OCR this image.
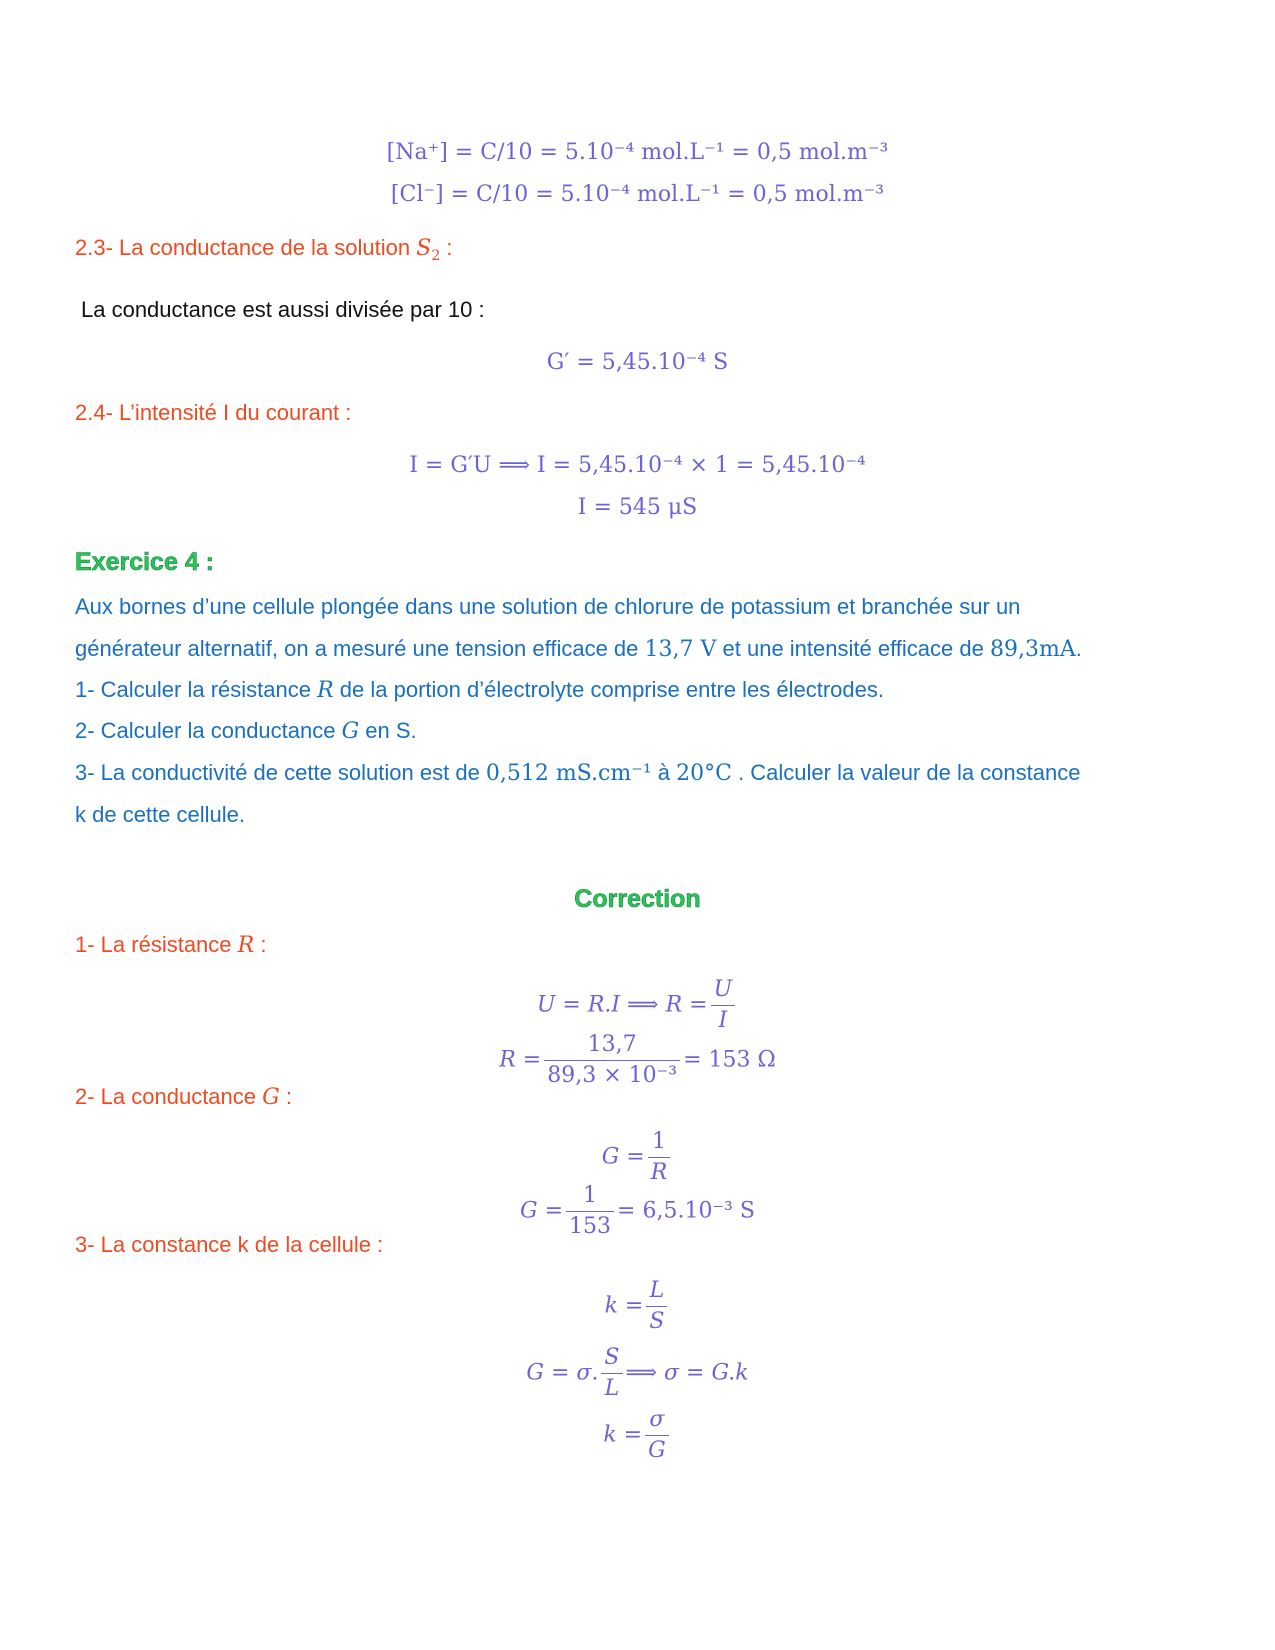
[Na⁺] = C/10 = 5.10⁻⁴ mol.L⁻¹ = 0,5 mol.m⁻³
[Cl⁻] = C/10 = 5.10⁻⁴ mol.L⁻¹ = 0,5 mol.m⁻³
2.3- La conductance de la solution $S_2$ :
La conductance est aussi divisée par 10 :
G′ = 5,45.10⁻⁴ S
2.4- L’intensité I du courant :
I = G′U ⟹ I = 5,45.10⁻⁴ × 1 = 5,45.10⁻⁴
I = 545 μS
Exercice 4 :
Aux bornes d’une cellule plongée dans une solution de chlorure de potassium et branchée sur un
générateur alternatif, on a mesuré une tension efficace de 13,7 V et une intensité efficace de 89,3mA.
1- Calculer la résistance R de la portion d’électrolyte comprise entre les électrodes.
2- Calculer la conductance G en S.
3- La conductivité de cette solution est de 0,512 mS.cm⁻¹ à 20°C . Calculer la valeur de la constance
k de cette cellule.
Correction
1- La résistance R :
U = R.I ⟹ $R = \frac{U}{I}$
$R = \frac{13,7}{\text{89,3 × 10⁻³}} = 153$ Ω
2- La conductance G :
$G = \frac{1}{R}$
$G = \frac{1}{153} = 6,5.10^{-3}$ S
3- La constance k de la cellule :
$k = \frac{L}{S}$
G = σ. $\frac{S}{L}$ ⟹ σ = G.k
$k = \frac{\sigma}{G}$
